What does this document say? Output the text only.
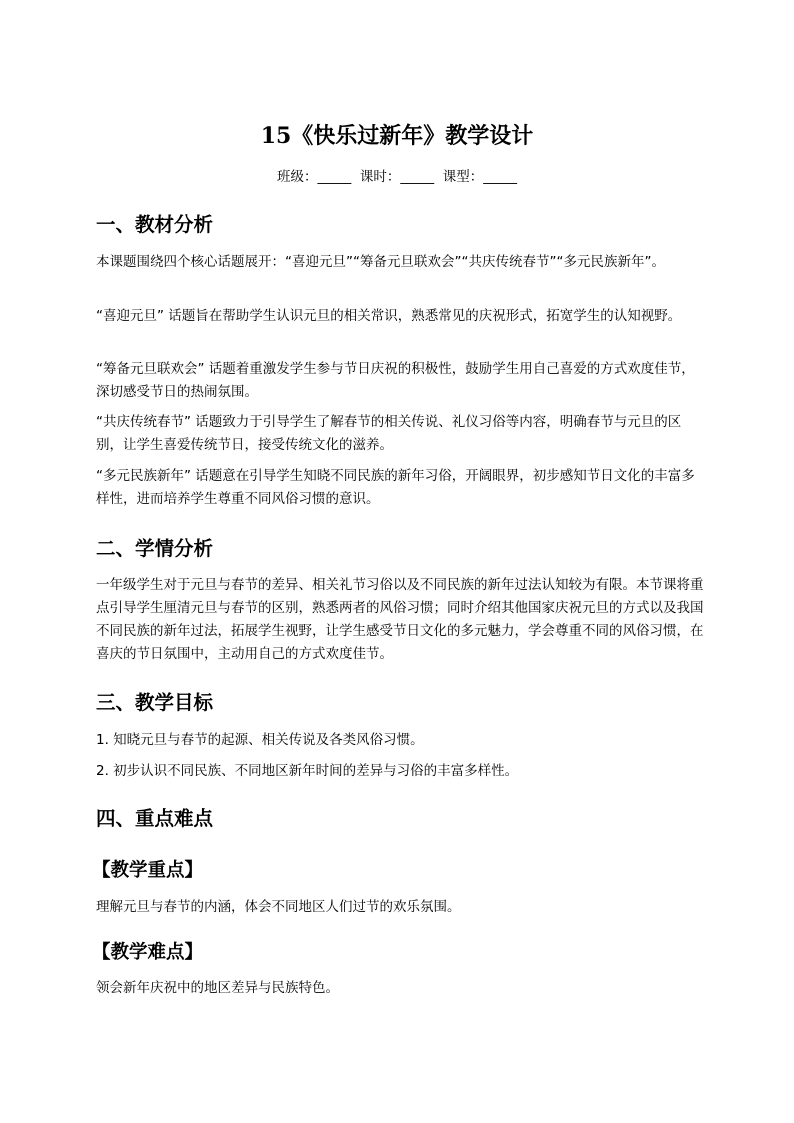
15《快乐过新年》教学设计
班级：_____  课时：_____  课型：_____
一、教材分析

本课题围绕四个核心话题展开：“喜迎元旦”“筹备元旦联欢会”“共庆传统春节”“多元民族新年”。

“喜迎元旦” 话题旨在帮助学生认识元旦的相关常识，熟悉常见的庆祝形式，拓宽学生的认知视野。

“筹备元旦联欢会” 话题着重激发学生参与节日庆祝的积极性，鼓励学生用自己喜爱的方式欢度佳节，深切感受节日的热闹氛围。

“共庆传统春节” 话题致力于引导学生了解春节的相关传说、礼仪习俗等内容，明确春节与元旦的区别，让学生喜爱传统节日，接受传统文化的滋养。

“多元民族新年” 话题意在引导学生知晓不同民族的新年习俗，开阔眼界，初步感知节日文化的丰富多样性，进而培养学生尊重不同风俗习惯的意识。

二、学情分析

一年级学生对于元旦与春节的差异、相关礼节习俗以及不同民族的新年过法认知较为有限。本节课将重点引导学生厘清元旦与春节的区别，熟悉两者的风俗习惯；同时介绍其他国家庆祝元旦的方式以及我国不同民族的新年过法，拓展学生视野，让学生感受节日文化的多元魅力，学会尊重不同的风俗习惯，在喜庆的节日氛围中，主动用自己的方式欢度佳节。

三、教学目标

1. 知晓元旦与春节的起源、相关传说及各类风俗习惯。

2. 初步认识不同民族、不同地区新年时间的差异与习俗的丰富多样性。

四、重点难点
【教学重点】

理解元旦与春节的内涵，体会不同地区人们过节的欢乐氛围。

【教学难点】

领会新年庆祝中的地区差异与民族特色。
